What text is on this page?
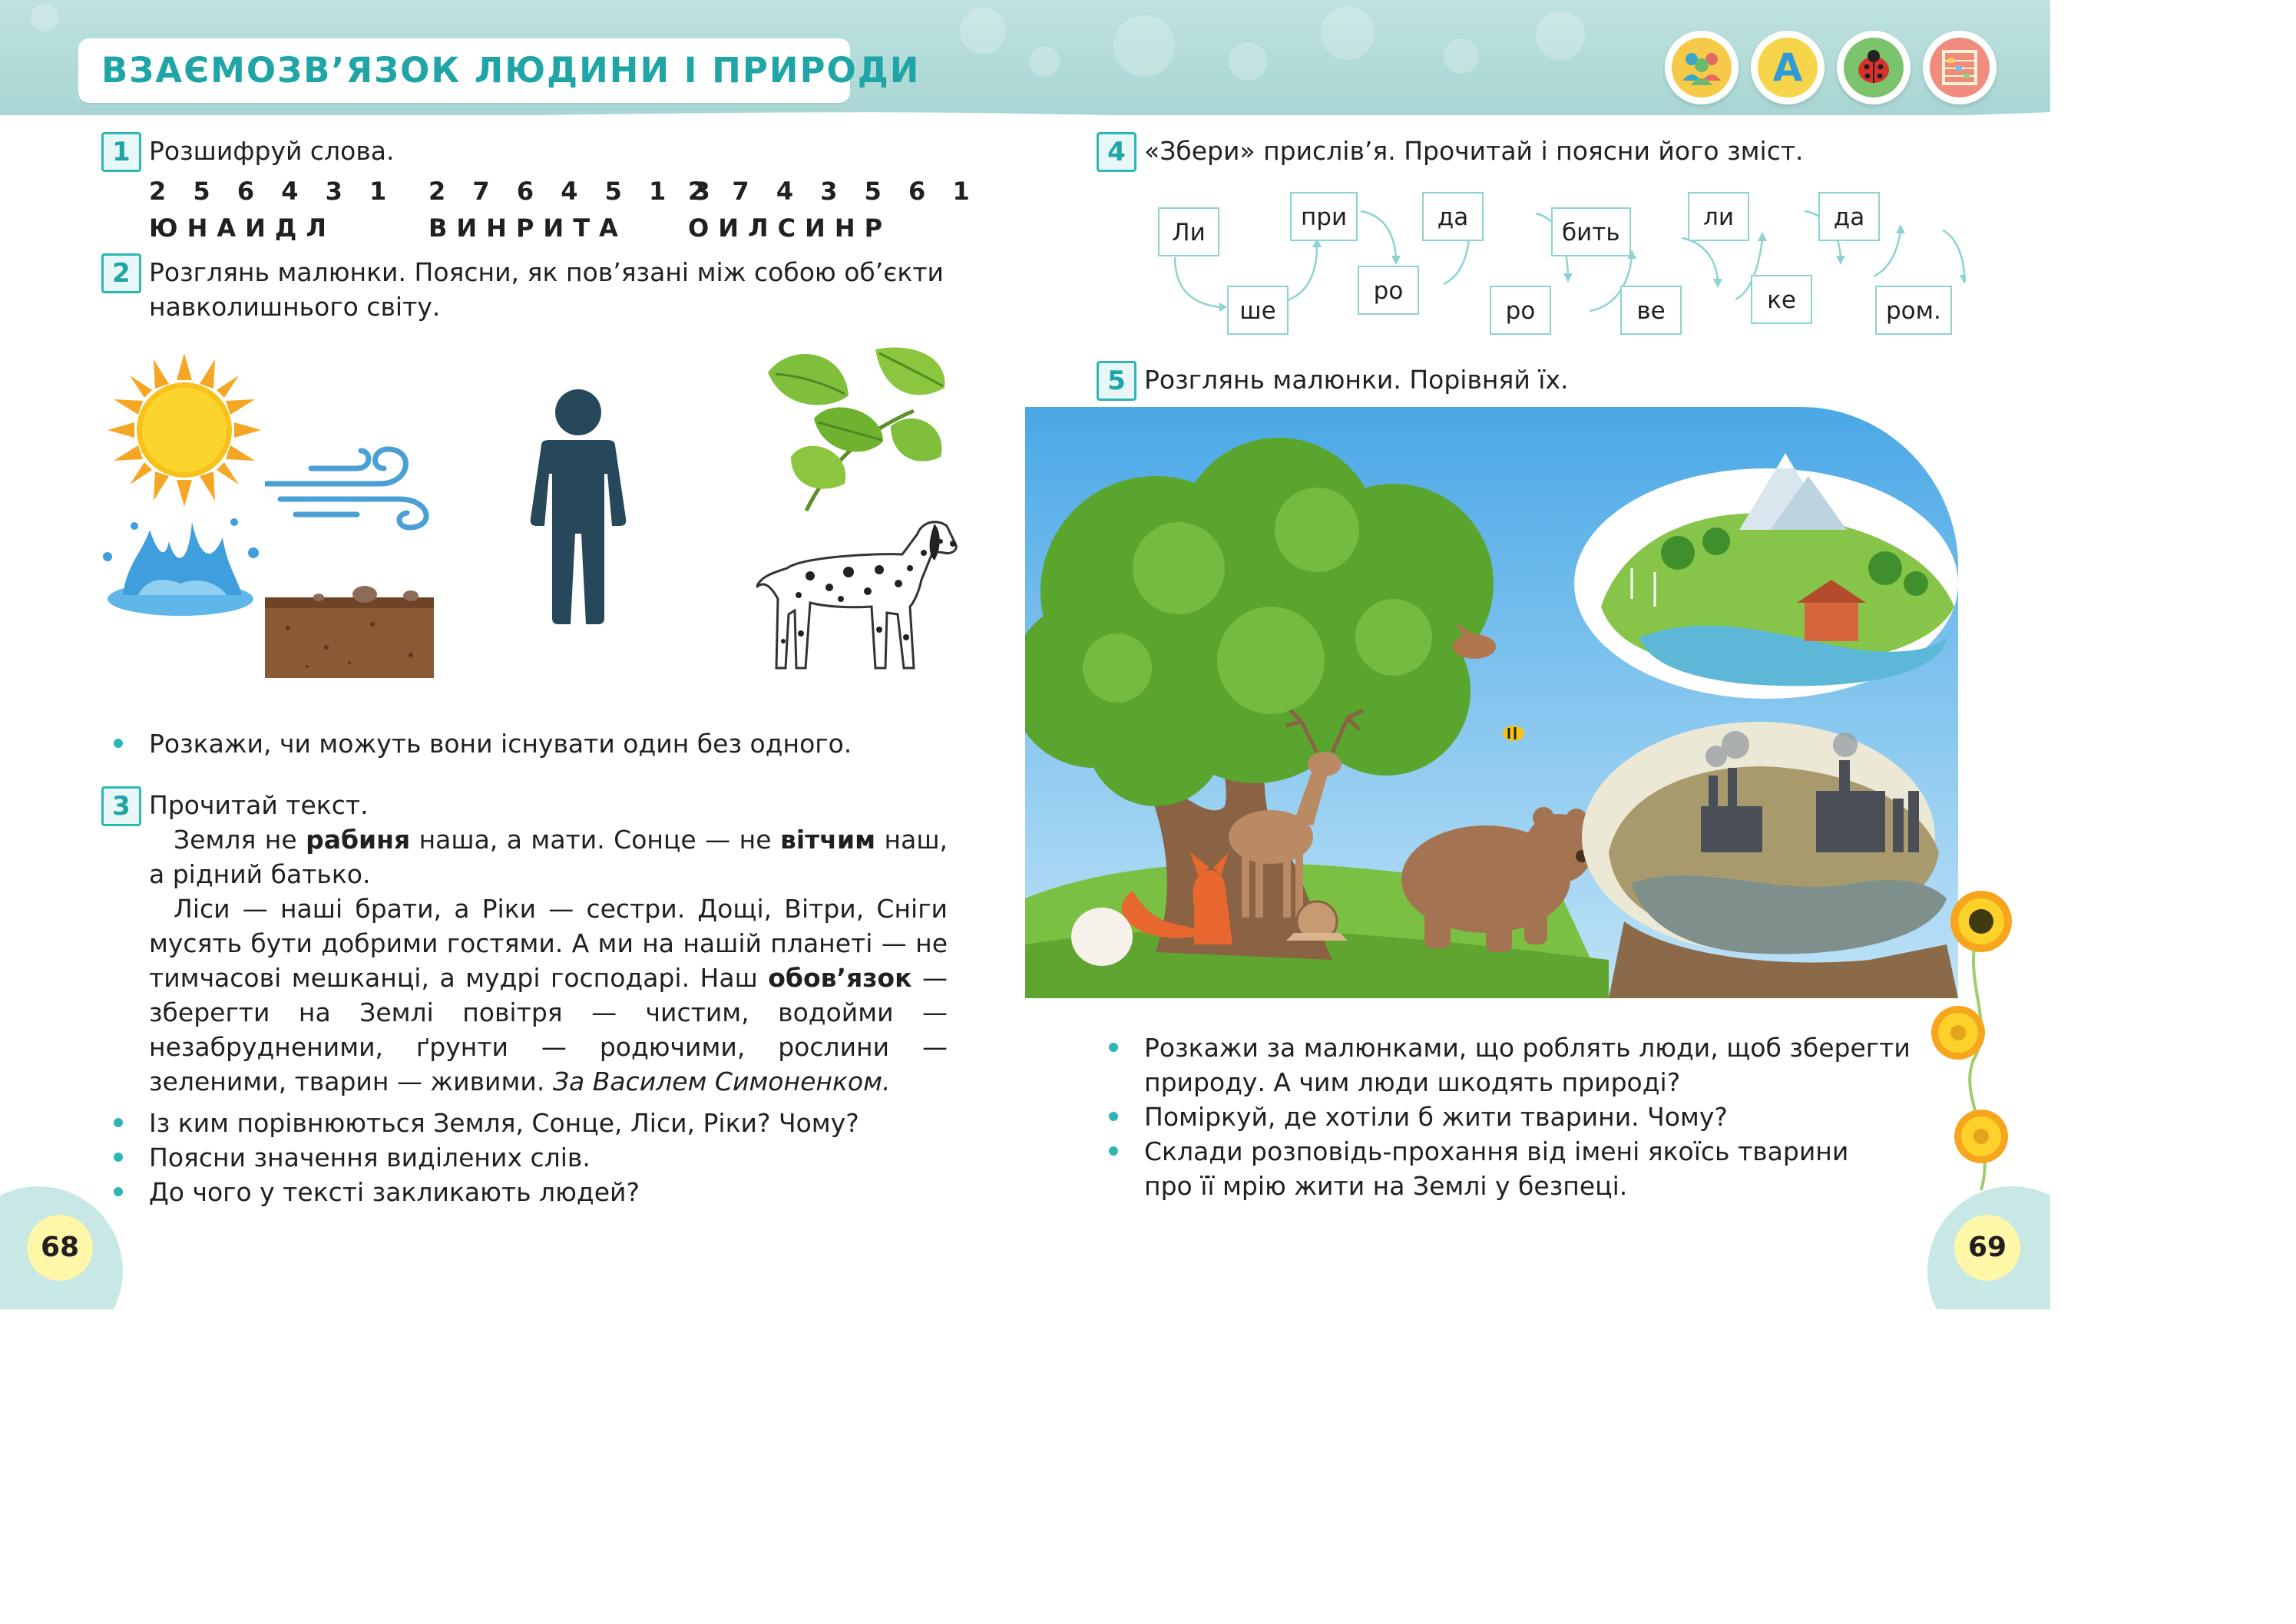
ВЗАЄМОЗВ’ЯЗОК ЛЮДИНИ І ПРИРОДИ	А
1 Розшифруй слова.
2 5 6 4 3 1
ЮНАИДЛ
2 7 6 4 5 1 3
ВИНРИТА
2 7 4 3 5 6 1
ОИЛСИНР
2 Розглянь малюнки. Поясни, як пов’язані між собою об’єкти
навколишнього світу.
Розкажи, чи можуть вони існувати один без одного.
3 Прочитай текст.
Земля не рабиня наша, а мати. Сонце — не вітчим наш,
а рідний батько.
Ліси — наші брати, а Ріки — сестри. Дощі, Вітри, Сніги
мусять бути добрими гостями. А ми на нашій планеті — не
тимчасові мешканці, а мудрі господарі. Наш обов’язок —
зберегти на Землі повітря — чистим, водойми —
незабрудненими, ґрунти — родючими, рослини —
зеленими, тварин — живими. За Василем Симоненком.
Із ким порівнюються Земля, Сонце, Ліси, Ріки? Чому?
Поясни значення виділених слів.
До чого у тексті закликають людей?
68
4 «Збери» прислів’я. Прочитай і поясни його зміст.
Ли
ше
при
ро
да
ро
бить
ве
ли
ке
да
ром.
5 Розглянь малюнки. Порівняй їх.
Розкажи за малюнками, що роблять люди, щоб зберегти
природу. А чим люди шкодять природі?
Поміркуй, де хотіли б жити тварини. Чому?
Склади розповідь-прохання від імені якоїсь тварини
про її мрію жити на Землі у безпеці.
69
